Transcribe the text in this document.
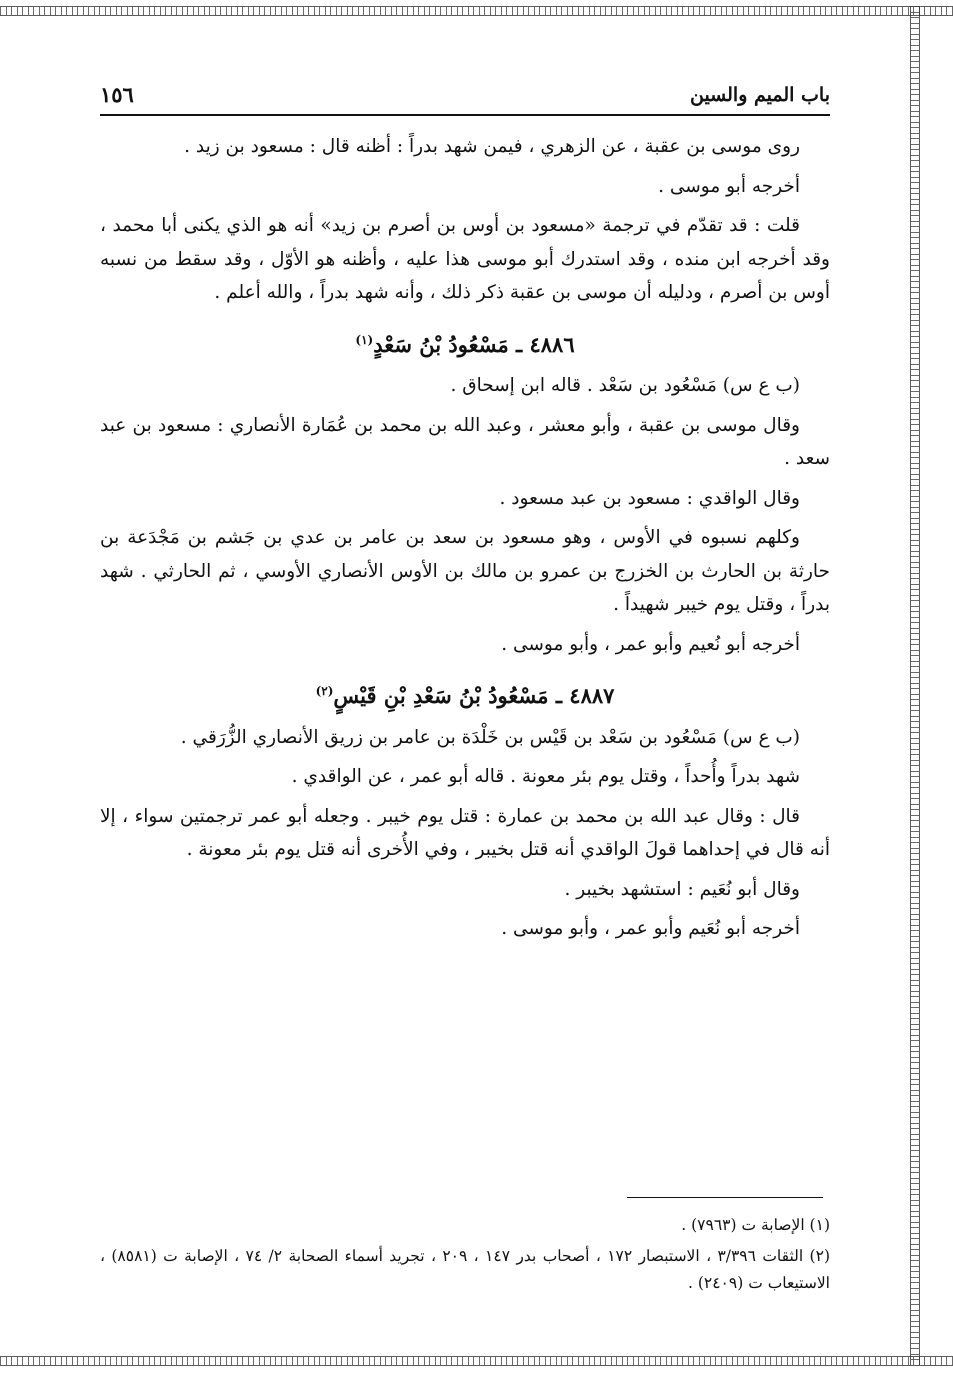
باب الميم والسين
١٥٦

روى موسى بن عقبة ، عن الزهري ، فيمن شهد بدراً : أظنه قال : مسعود بن زيد .

أخرجه أبو موسى .

قلت : قد تقدّم في ترجمة «مسعود بن أوس بن أصرم بن زيد» أنه هو الذي يكنى أبا محمد ، وقد أخرجه ابن منده ، وقد استدرك أبو موسى هذا عليه ، وأظنه هو الأوّل ، وقد سقط من نسبه أوس بن أصرم ، ودليله أن موسى بن عقبة ذكر ذلك ، وأنه شهد بدراً ، والله أعلم .

٤٨٨٦ ـ مَسْعُودُ بْنُ سَعْدٍ$^{(١)}$

(ب ع س) مَسْعُود بن سَعْد . قاله ابن إسحاق .

وقال موسى بن عقبة ، وأبو معشر ، وعبد الله بن محمد بن عُمَارة الأنصاري : مسعود بن عبد سعد .

وقال الواقدي : مسعود بن عبد مسعود .

وكلهم نسبوه في الأوس ، وهو مسعود بن سعد بن عامر بن عدي بن جَشم بن مَجْدَعة بن حارثة بن الحارث بن الخزرج بن عمرو بن مالك بن الأوس الأنصاري الأوسي ، ثم الحارثي . شهد بدراً ، وقتل يوم خيبر شهيداً .

أخرجه أبو نُعيم وأبو عمر ، وأبو موسى .

٤٨٨٧ ـ مَسْعُودُ بْنُ سَعْدِ بْنِ قَيْسٍ$^{(٢)}$

(ب ع س) مَسْعُود بن سَعْد بن قَيْس بن خَلْدَة بن عامر بن زريق الأنصاري الزُّرَقي .

شهد بدراً وأُحداً ، وقتل يوم بئر معونة . قاله أبو عمر ، عن الواقدي .

قال : وقال عبد الله بن محمد بن عمارة : قتل يوم خيبر . وجعله أبو عمر ترجمتين سواء ، إلا أنه قال في إحداهما قولَ الواقدي أنه قتل بخيبر ، وفي الأُخرى أنه قتل يوم بئر معونة .

وقال أبو نُعَيم : استشهد بخيبر .

أخرجه أبو نُعَيم وأبو عمر ، وأبو موسى .

(١) الإصابة ت (٧٩٦٣) .

(٢) الثقات ٣/٣٩٦ ، الاستبصار ١٧٢ ، أصحاب بدر ١٤٧ ، ٢٠٩ ، تجريد أسماء الصحابة ٢/ ٧٤ ، الإصابة ت (٨٥٨١) ، الاستيعاب ت (٢٤٠٩) .
